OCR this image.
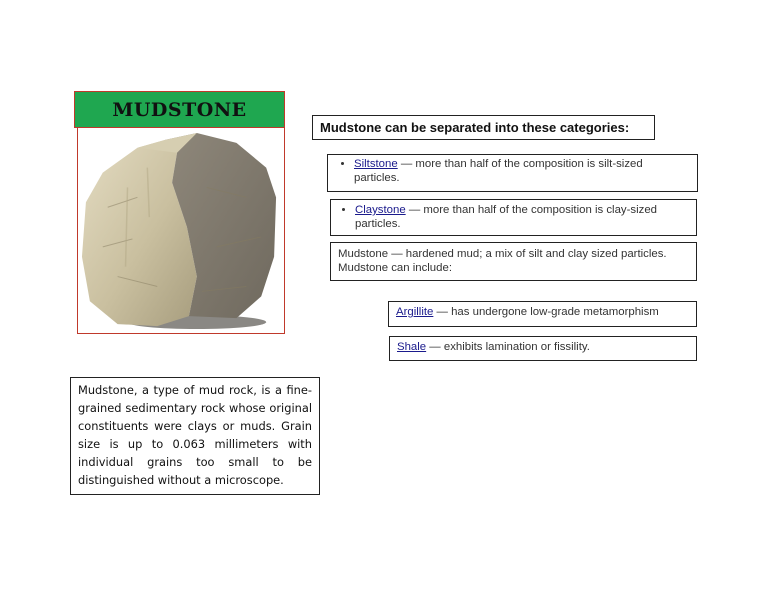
MUDSTONE
Mudstone, a type of mud rock, is a fine-grained sedimentary rock whose original constituents were clays or muds. Grain size is up to 0.063 millimeters with individual grains too small to be distinguished without a microscope.
Mudstone can be separated into these categories:
• Siltstone — more than half of the composition is silt-sized particles.
• Claystone — more than half of the composition is clay-sized particles.
Mudstone — hardened mud; a mix of silt and clay sized particles. Mudstone can include:
Argillite — has undergone low-grade metamorphism
Shale — exhibits lamination or fissility.
